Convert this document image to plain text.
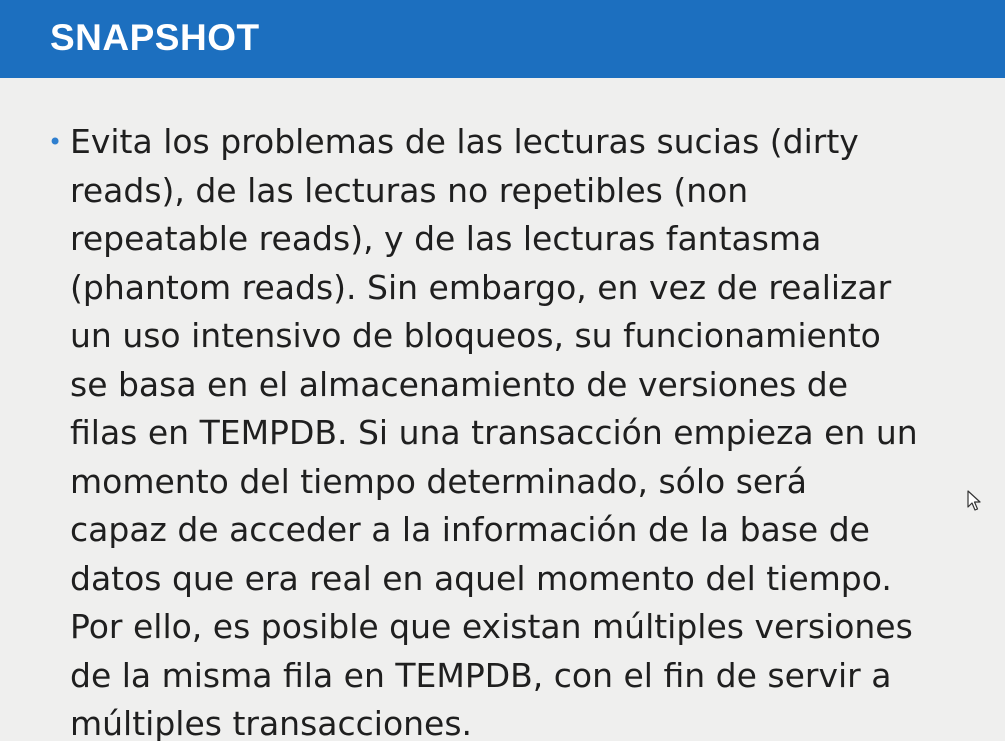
SNAPSHOT
• Evita los problemas de las lecturas sucias (dirty
reads), de las lecturas no repetibles (non
repeatable reads), y de las lecturas fantasma
(phantom reads). Sin embargo, en vez de realizar
un uso intensivo de bloqueos, su funcionamiento
se basa en el almacenamiento de versiones de
filas en TEMPDB. Si una transacción empieza en un
momento del tiempo determinado, sólo será
capaz de acceder a la información de la base de
datos que era real en aquel momento del tiempo.
Por ello, es posible que existan múltiples versiones
de la misma fila en TEMPDB, con el fin de servir a
múltiples transacciones.
